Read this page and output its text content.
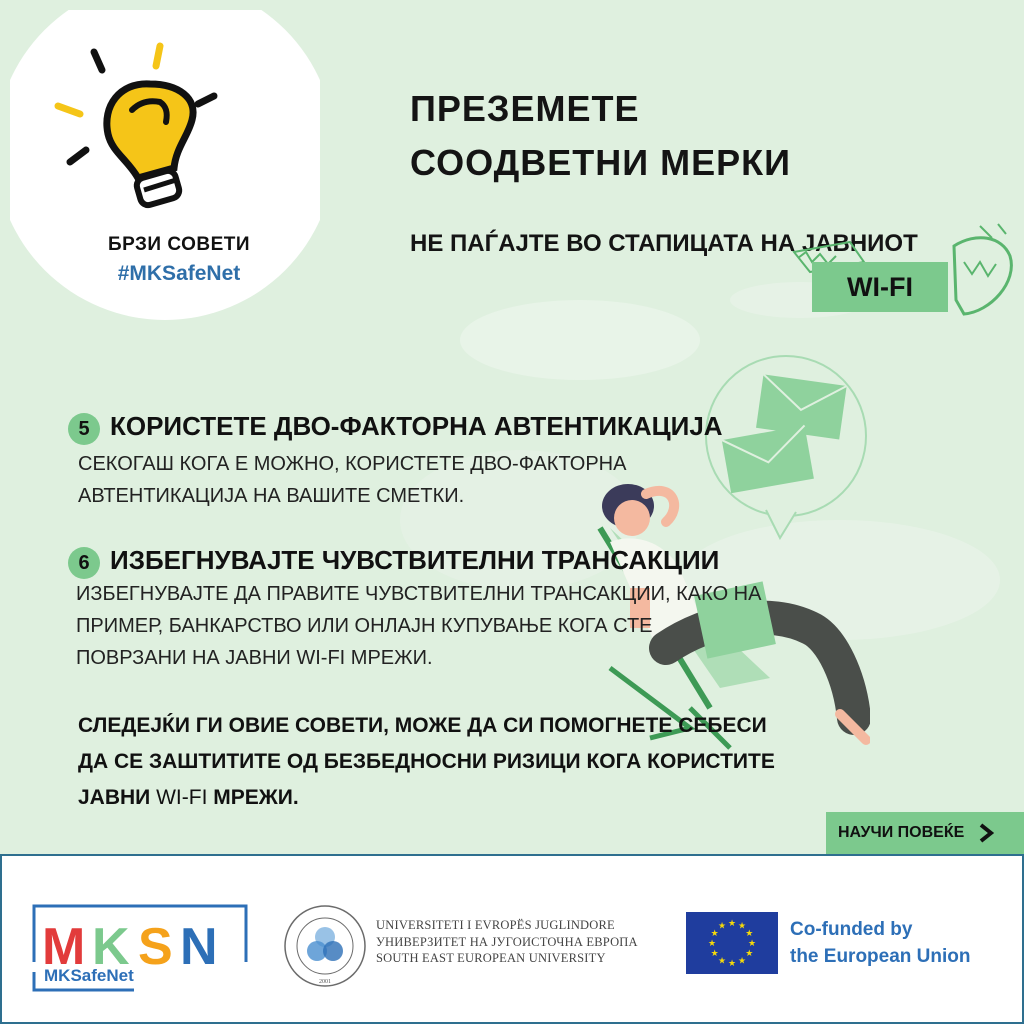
БРЗИ СОВЕТИ
#MKSafeNet
ПРЕЗЕМЕТЕ
СООДВЕТНИ МЕРКИ
НЕ ПАЃАЈТЕ ВО СТАПИЦАТА НА ЈАВНИОТ
WI-FI
5 КОРИСТЕТЕ ДВО-ФАКТОРНА АВТЕНТИКАЦИЈА
СЕКОГАШ КОГА Е МОЖНО, КОРИСТЕТЕ ДВО-ФАКТОРНА
АВТЕНТИКАЦИЈА НА ВАШИТЕ СМЕТКИ.
6 ИЗБЕГНУВАЈТЕ ЧУВСТВИТЕЛНИ ТРАНСАКЦИИ
ИЗБЕГНУВАЈТЕ ДА ПРАВИТЕ ЧУВСТВИТЕЛНИ ТРАНСАКЦИИ, КАКО НА
ПРИМЕР, БАНКАРСТВО ИЛИ ОНЛАЈН КУПУВАЊЕ КОГА СТЕ
ПОВРЗАНИ НА ЈАВНИ WI-FI МРЕЖИ.
СЛЕДЕЈЌИ ГИ ОВИЕ СОВЕТИ, МОЖЕ ДА СИ ПОМОГНЕТЕ СЕБЕСИ
ДА СЕ ЗАШТИТИТЕ ОД БЕЗБЕДНОСНИ РИЗИЦИ КОГА КОРИСТИТЕ
ЈАВНИ WI-FI МРЕЖИ.
НАУЧИ ПОВЕЌЕ
M K S N
MKSafeNet	2001
UNIVERSITETI I EVROPËS JUGLINDORE
УНИВЕРЗИТЕТ НА ЈУГОИСТОЧНА ЕВРОПА
SOUTH EAST EUROPEAN UNIVERSITY
★ ★
★
★
★
★
★
★
★
★
★
★	Co-funded by
the European Union
